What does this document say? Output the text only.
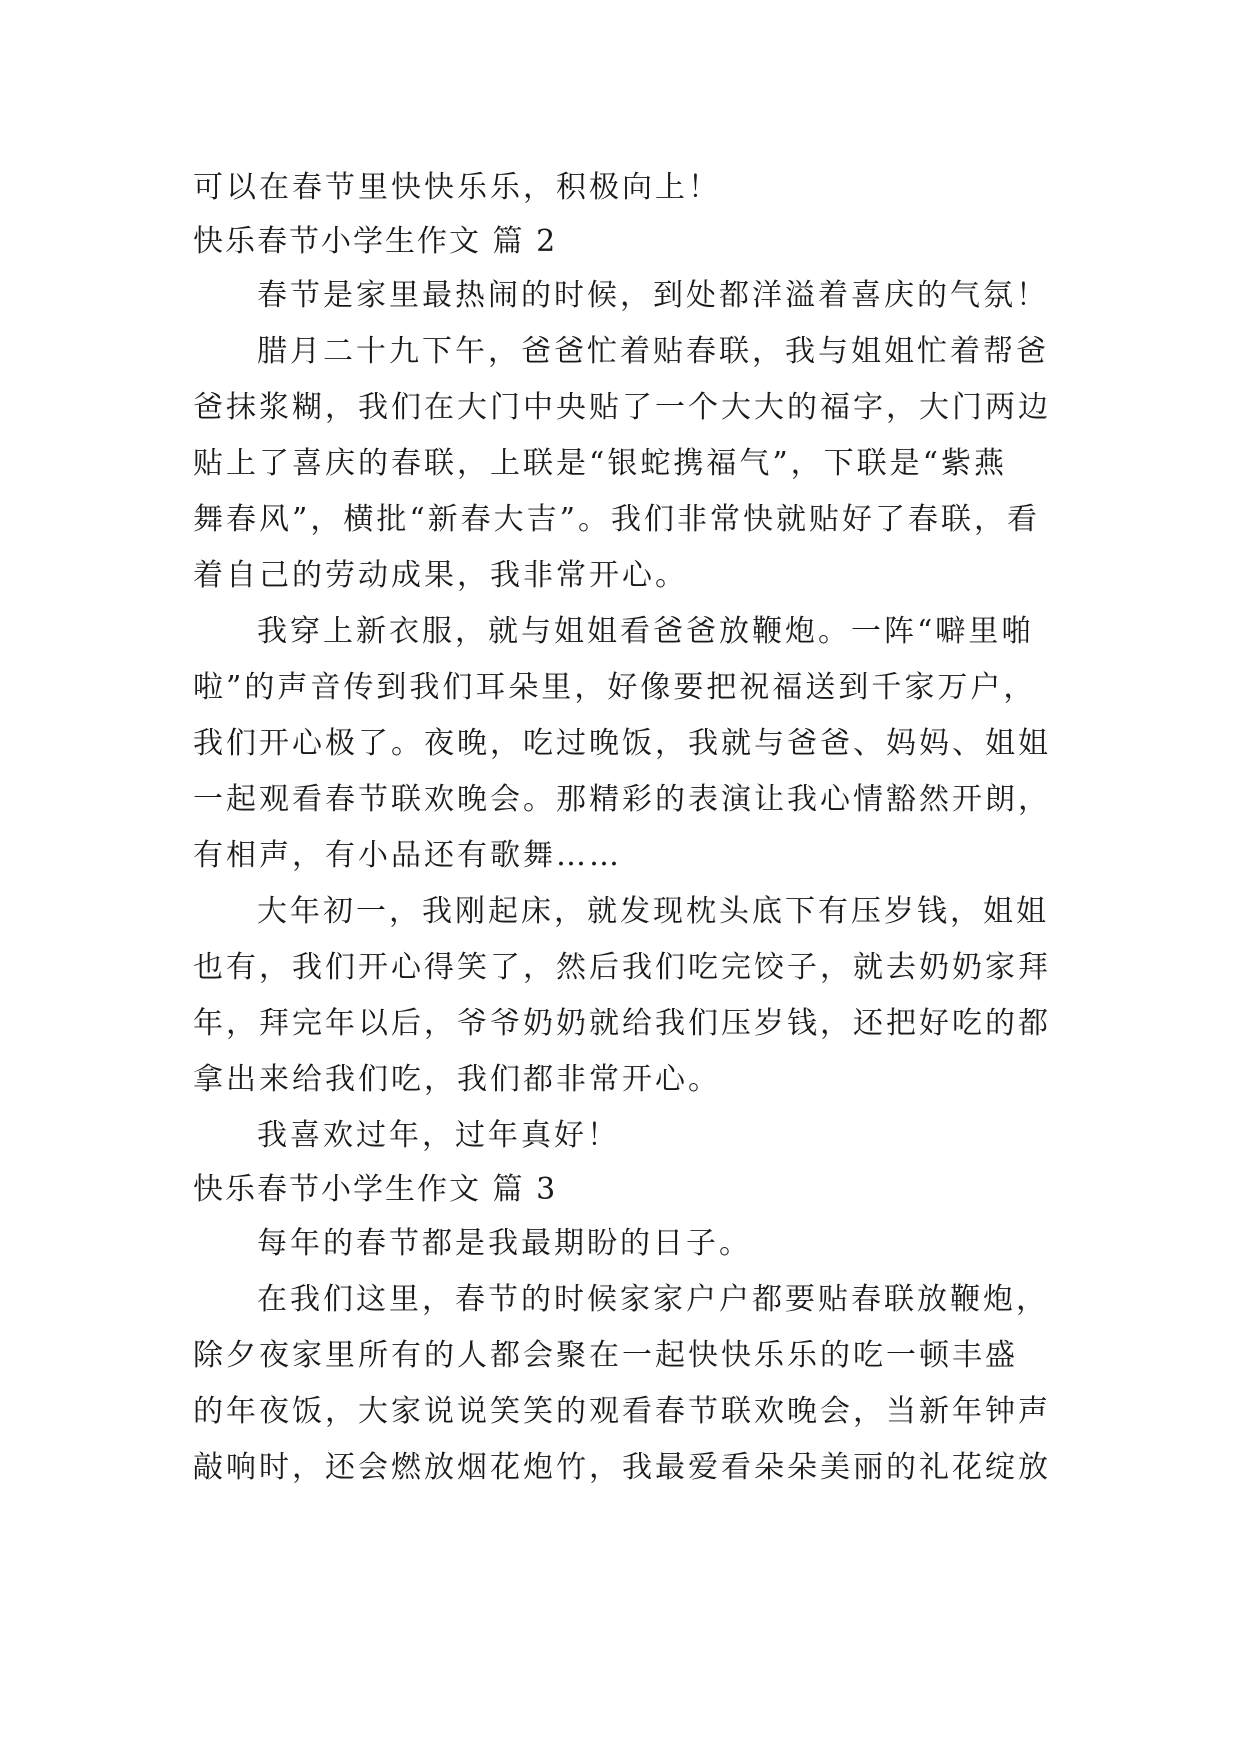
可以在春节里快快乐乐，积极向上！
快乐春节小学生作文 篇 2
春节是家里最热闹的时候，到处都洋溢着喜庆的气氛！
腊月二十九下午，爸爸忙着贴春联，我与姐姐忙着帮爸
爸抹浆糊，我们在大门中央贴了一个大大的福字，大门两边
贴上了喜庆的春联，上联是“银蛇携福气”，下联是“紫燕
舞春风”，横批“新春大吉”。我们非常快就贴好了春联，看
着自己的劳动成果，我非常开心。
我穿上新衣服，就与姐姐看爸爸放鞭炮。一阵“噼里啪
啦”的声音传到我们耳朵里，好像要把祝福送到千家万户，
我们开心极了。夜晚，吃过晚饭，我就与爸爸、妈妈、姐姐
一起观看春节联欢晚会。那精彩的表演让我心情豁然开朗，
有相声，有小品还有歌舞……
大年初一，我刚起床，就发现枕头底下有压岁钱，姐姐
也有，我们开心得笑了，然后我们吃完饺子，就去奶奶家拜
年，拜完年以后，爷爷奶奶就给我们压岁钱，还把好吃的都
拿出来给我们吃，我们都非常开心。
我喜欢过年，过年真好！
快乐春节小学生作文 篇 3
每年的春节都是我最期盼的日子。
在我们这里，春节的时候家家户户都要贴春联放鞭炮，
除夕夜家里所有的人都会聚在一起快快乐乐的吃一顿丰盛
的年夜饭，大家说说笑笑的观看春节联欢晚会，当新年钟声
敲响时，还会燃放烟花炮竹，我最爱看朵朵美丽的礼花绽放
